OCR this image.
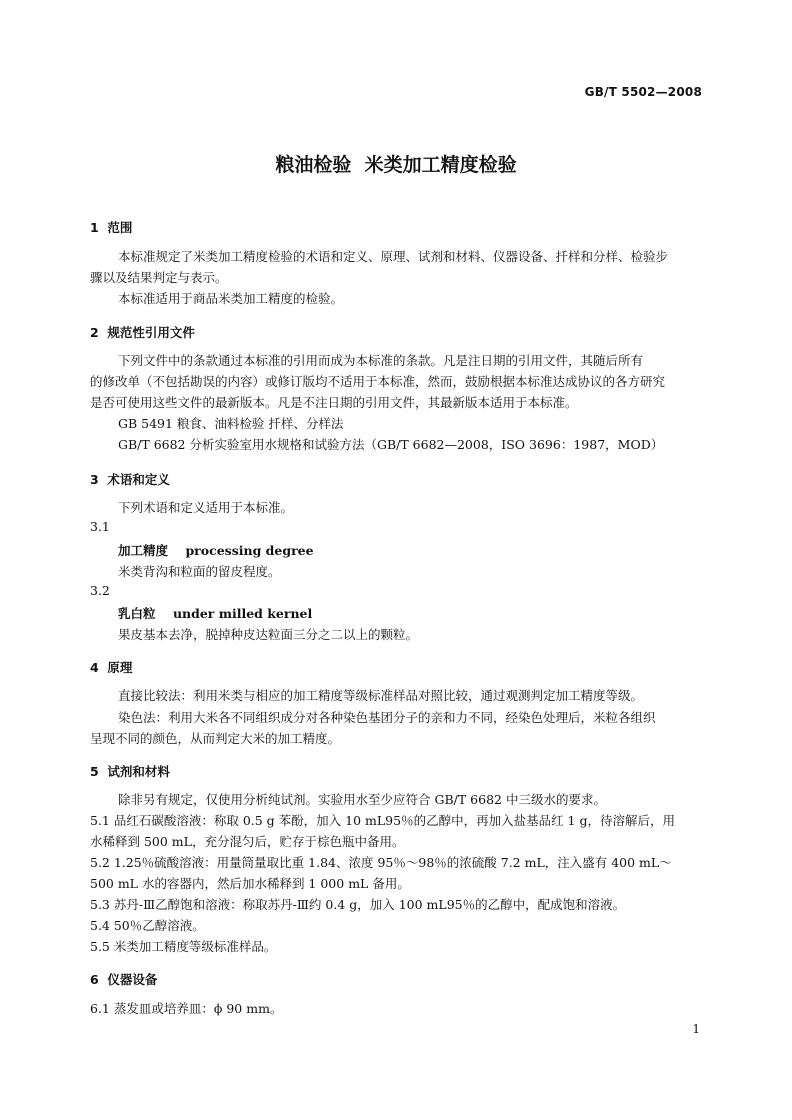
GB/T 5502—2008
粮油检验  米类加工精度检验
1  范围
本标准规定了米类加工精度检验的术语和定义、原理、试剂和材料、仪器设备、扦样和分样、检验步
骤以及结果判定与表示。
本标准适用于商品米类加工精度的检验。
2  规范性引用文件
下列文件中的条款通过本标准的引用而成为本标准的条款。凡是注日期的引用文件，其随后所有
的修改单（不包括勘误的内容）或修订版均不适用于本标准，然而，鼓励根据本标准达成协议的各方研究
是否可使用这些文件的最新版本。凡是不注日期的引用文件，其最新版本适用于本标准。
GB 5491 粮食、油料检验 扦样、分样法
GB/T 6682 分析实验室用水规格和试验方法（GB/T 6682—2008，ISO 3696：1987，MOD）
3  术语和定义
下列术语和定义适用于本标准。
3.1
加工精度 processing degree
米类背沟和粒面的留皮程度。
3.2
乳白粒 under milled kernel
果皮基本去净，脱掉种皮达粒面三分之二以上的颗粒。
4  原理
直接比较法：利用米类与相应的加工精度等级标准样品对照比较，通过观测判定加工精度等级。
染色法：利用大米各不同组织成分对各种染色基团分子的亲和力不同，经染色处理后，米粒各组织
呈现不同的颜色，从而判定大米的加工精度。
5  试剂和材料
除非另有规定，仅使用分析纯试剂。实验用水至少应符合 GB/T 6682 中三级水的要求。
5.1 品红石碳酸溶液：称取 0.5 g 苯酚，加入 10 mL95％的乙醇中，再加入盐基品红 1 g，待溶解后，用
水稀释到 500 mL，充分混匀后，贮存于棕色瓶中备用。
5.2 1.25％硫酸溶液：用量筒量取比重 1.84、浓度 95％～98％的浓硫酸 7.2 mL，注入盛有 400 mL～
500 mL 水的容器内，然后加水稀释到 1 000 mL 备用。
5.3 苏丹-Ⅲ乙醇饱和溶液：称取苏丹-Ⅲ约 0.4 g，加入 100 mL95％的乙醇中，配成饱和溶液。
5.4 50％乙醇溶液。
5.5 米类加工精度等级标准样品。
6  仪器设备
6.1 蒸发皿或培养皿：ϕ 90 mm。
1
